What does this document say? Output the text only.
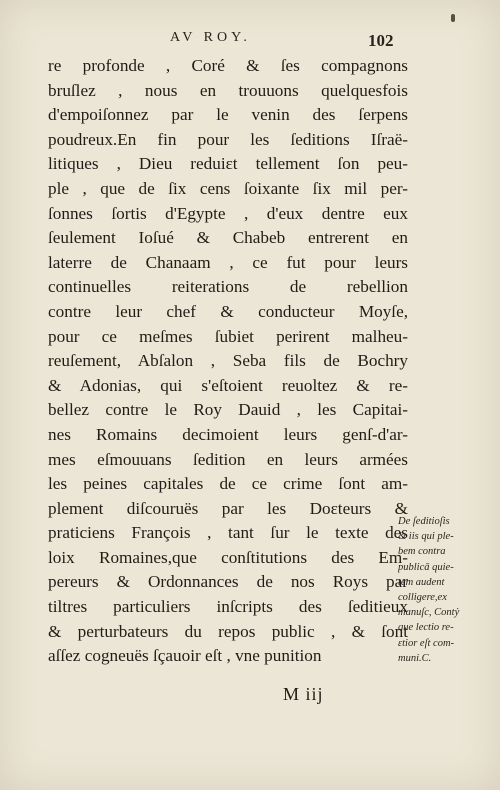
AV ROY.	102
re profonde , Coré & ſes compagnons
bruſlez , nous en trouuons quelquesfois
d'empoiſonnez par le venin des ſerpens
poudreux.En fin pour les ſeditions Iſraë-
litiques , Dieu reduiɛt tellement ſon peu-
ple , que de ſix cens ſoixante ſix mil per-
ſonnes ſortis d'Egypte , d'eux dentre eux
ſeulement Ioſué & Chabeb entrerent en
laterre de Chanaam , ce fut pour leurs
continuelles reiterations de rebellion
contre leur chef & conducteur Moyſe,
pour ce meſmes ſubiet perirent malheu-
reuſement, Abſalon , Seba fils de Bochry
& Adonias, qui s'eſtoient reuoltez & re-
bellez contre le Roy Dauid , les Capitai-
nes Romains decimoient leurs genſ-d'ar-
mes eſmouuans ſedition en leurs armées
les peines capitales de ce crime ſont am-
plement diſcouruës par les Doɛteurs &
praticiens François , tant ſur le texte des
loix Romaines,que conſtitutions des Em-
pereurs & Ordonnances de nos Roys par
tiltres particuliers inſcripts des ſeditieux
& perturbateurs du repos public , & ſont
aſſez cogneuës ſçauoir eſt , vne punition
De ſeditioſis
& iis qui ple-
bem contra
publicā quie-
tem audent
colligere,ex
manuſc, Contẏ
que lectio re-
ɛtior eſt com-
muni.C.
M iij
